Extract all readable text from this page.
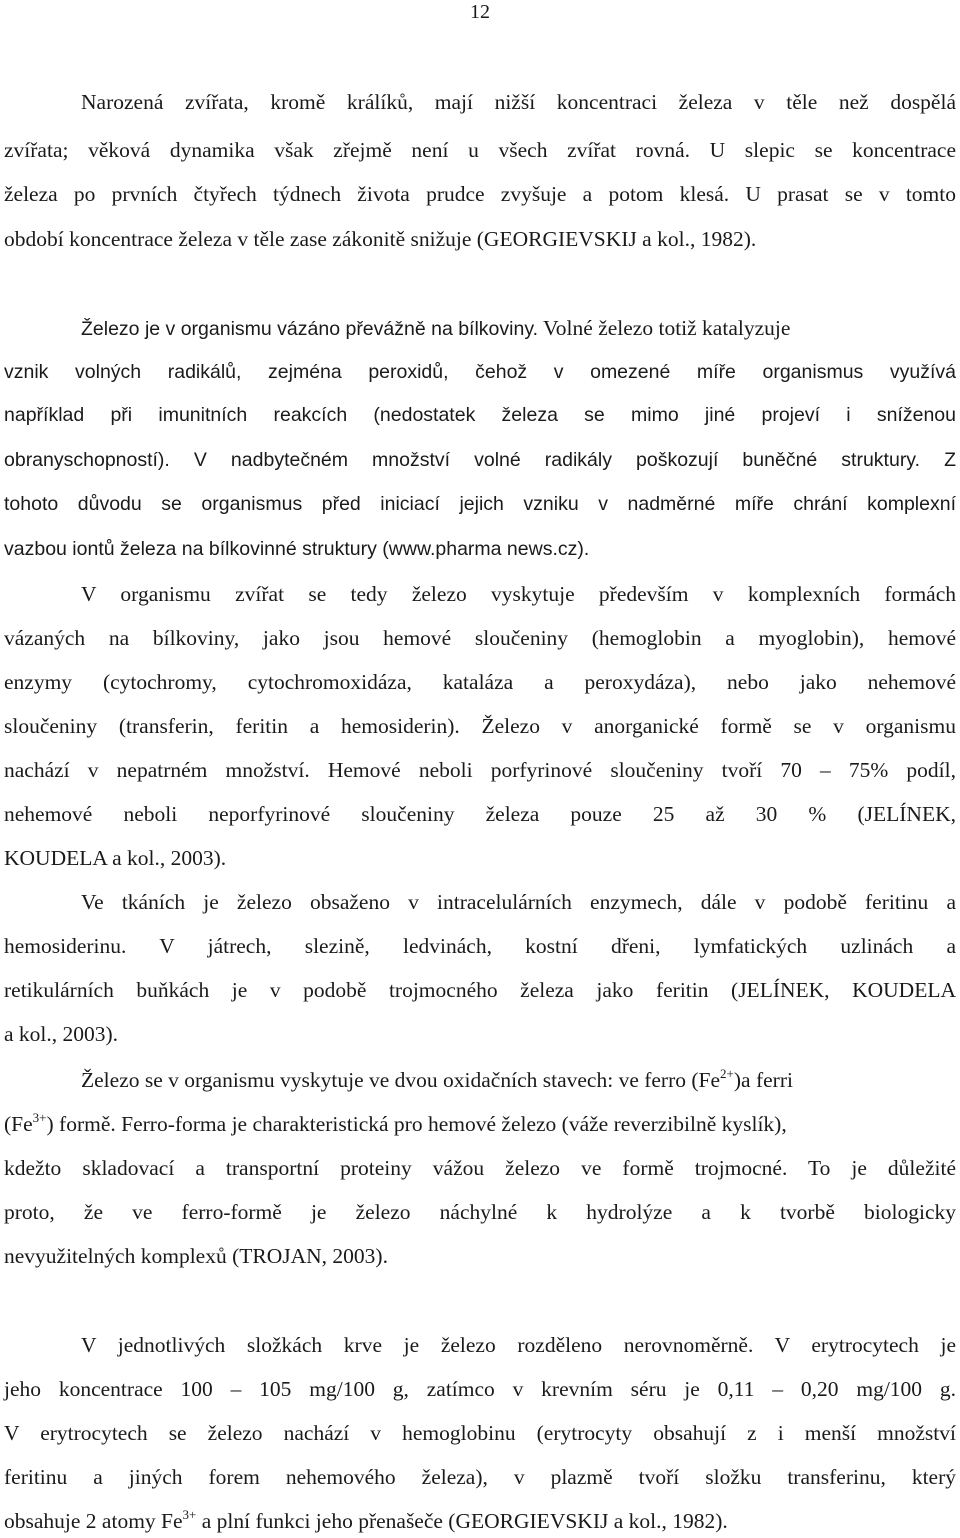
12
Narozená zvířata, kromě králíků, mají nižší koncentraci železa v těle než dospělá
zvířata; věková dynamika však zřejmě není u všech zvířat rovná. U slepic se koncentrace
železa po prvních čtyřech týdnech života prudce zvyšuje a potom klesá. U prasat se v tomto
období koncentrace železa v těle zase zákonitě snižuje (GEORGIEVSKIJ a kol., 1982).
Železo je v organismu vázáno převážně na bílkoviny. Volné železo totiž katalyzuje
vznik volných radikálů, zejména peroxidů, čehož v omezené míře organismus využívá
například při imunitních reakcích (nedostatek železa se mimo jiné projeví i sníženou
obranyschopností). V nadbytečném množství volné radikály poškozují buněčné struktury. Z
tohoto důvodu se organismus před iniciací jejich vzniku v nadměrné míře chrání komplexní
vazbou iontů železa na bílkovinné struktury (www.pharma news.cz).
V organismu zvířat se tedy železo vyskytuje především v komplexních formách
vázaných na bílkoviny, jako jsou hemové sloučeniny (hemoglobin a myoglobin), hemové
enzymy (cytochromy, cytochromoxidáza, kataláza a peroxydáza), nebo jako nehemové
sloučeniny (transferin, feritin a hemosiderin). Železo v anorganické formě se v organismu
nachází v nepatrném množství. Hemové neboli porfyrinové sloučeniny tvoří 70 – 75% podíl,
nehemové neboli neporfyrinové sloučeniny železa pouze 25 až 30 % (JELÍNEK,
KOUDELA a kol., 2003).
Ve tkáních je železo obsaženo v intracelulárních enzymech, dále v podobě feritinu a
hemosiderinu. V játrech, slezině, ledvinách, kostní dřeni, lymfatických uzlinách a
retikulárních buňkách je v podobě trojmocného železa jako feritin (JELÍNEK, KOUDELA
a kol., 2003).
Železo se v organismu vyskytuje ve dvou oxidačních stavech: ve ferro $(Fe^{2+})a$ ferri
$(Fe^{3+})$ formě. Ferro-forma je charakteristická pro hemové železo (váže reverzibilně kyslík),
kdežto skladovací a transportní proteiny vážou železo ve formě trojmocné. To je důležité
proto, že ve ferro-formě je železo náchylné k hydrolýze a k tvorbě biologicky
nevyužitelných komplexů (TROJAN, 2003).
V jednotlivých složkách krve je železo rozděleno nerovnoměrně. V erytrocytech je
jeho koncentrace 100 – 105 mg/100 g, zatímco v krevním séru je 0,11 – 0,20 mg/100 g.
V erytrocytech se železo nachází v hemoglobinu (erytrocyty obsahují z i menší množství
feritinu a jiných forem nehemového železa), v plazmě tvoří složku transferinu, který
obsahuje 2 atomy $Fe^{3+}$ a plní funkci jeho přenašeče (GEORGIEVSKIJ a kol., 1982).
